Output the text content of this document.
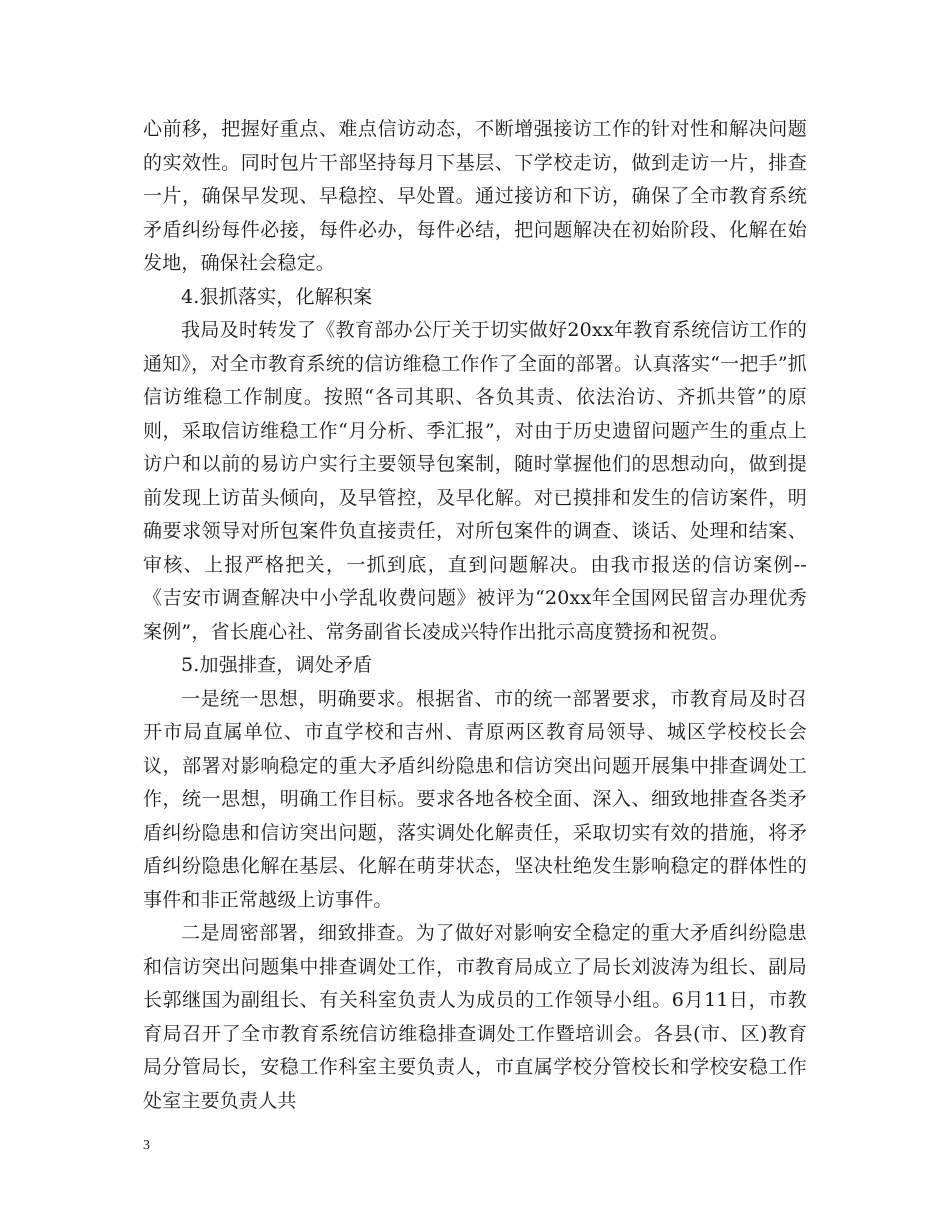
心前移，把握好重点、难点信访动态，不断增强接访工作的针对性和解决问题的实效性。同时包片干部坚持每月下基层、下学校走访，做到走访一片，排查一片，确保早发现、早稳控、早处置。通过接访和下访，确保了全市教育系统矛盾纠纷每件必接，每件必办，每件必结，把问题解决在初始阶段、化解在始发地，确保社会稳定。

4.狠抓落实，化解积案

我局及时转发了《教育部办公厅关于切实做好20xx年教育系统信访工作的通知》，对全市教育系统的信访维稳工作作了全面的部署。认真落实“一把手”抓信访维稳工作制度。按照“各司其职、各负其责、依法治访、齐抓共管”的原则，采取信访维稳工作“月分析、季汇报”，对由于历史遗留问题产生的重点上访户和以前的易访户实行主要领导包案制，随时掌握他们的思想动向，做到提前发现上访苗头倾向，及早管控，及早化解。对已摸排和发生的信访案件，明确要求领导对所包案件负直接责任，对所包案件的调查、谈话、处理和结案、审核、上报严格把关，一抓到底，直到问题解决。由我市报送的信访案例--《吉安市调查解决中小学乱收费问题》被评为“20xx年全国网民留言办理优秀案例”，省长鹿心社、常务副省长凌成兴特作出批示高度赞扬和祝贺。

5.加强排查，调处矛盾

一是统一思想，明确要求。根据省、市的统一部署要求，市教育局及时召开市局直属单位、市直学校和吉州、青原两区教育局领导、城区学校校长会议，部署对影响稳定的重大矛盾纠纷隐患和信访突出问题开展集中排查调处工作，统一思想，明确工作目标。要求各地各校全面、深入、细致地排查各类矛盾纠纷隐患和信访突出问题，落实调处化解责任，采取切实有效的措施，将矛盾纠纷隐患化解在基层、化解在萌芽状态，坚决杜绝发生影响稳定的群体性的事件和非正常越级上访事件。

二是周密部署，细致排查。为了做好对影响安全稳定的重大矛盾纠纷隐患和信访突出问题集中排查调处工作，市教育局成立了局长刘波涛为组长、副局长郭继国为副组长、有关科室负责人为成员的工作领导小组。6月11日，市教育局召开了全市教育系统信访维稳排查调处工作暨培训会。各县(市、区)教育局分管局长，安稳工作科室主要负责人，市直属学校分管校长和学校安稳工作处室主要负责人共

3
